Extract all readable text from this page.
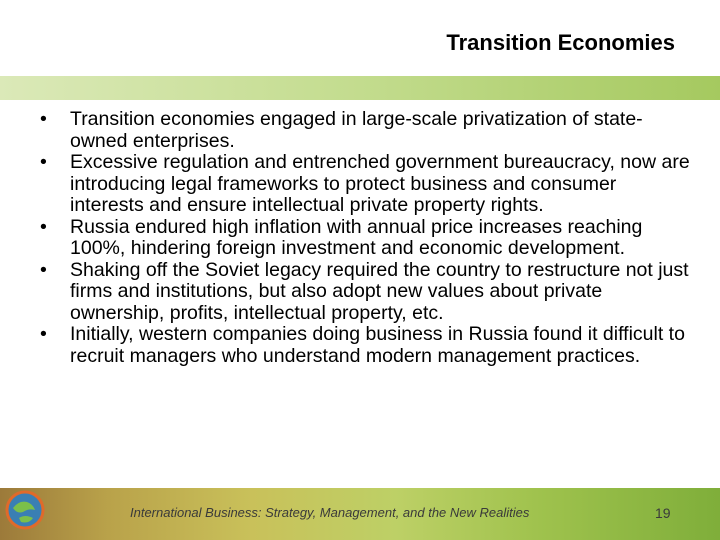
Transition Economies
•	Transition economies engaged in large-scale privatization of state-owned enterprises.
•	Excessive regulation and entrenched government bureaucracy, now are introducing legal frameworks to protect business and consumer interests and ensure intellectual private property rights.
•	Russia endured high inflation with annual price increases reaching 100%, hindering foreign investment and economic development.
•	Shaking off the Soviet legacy required the country to restructure not just firms and institutions, but also adopt new values about private ownership, profits, intellectual property, etc.
•	Initially, western companies doing business in Russia found it difficult to recruit managers who understand modern management practices.
International Business: Strategy, Management, and the New Realities	19
